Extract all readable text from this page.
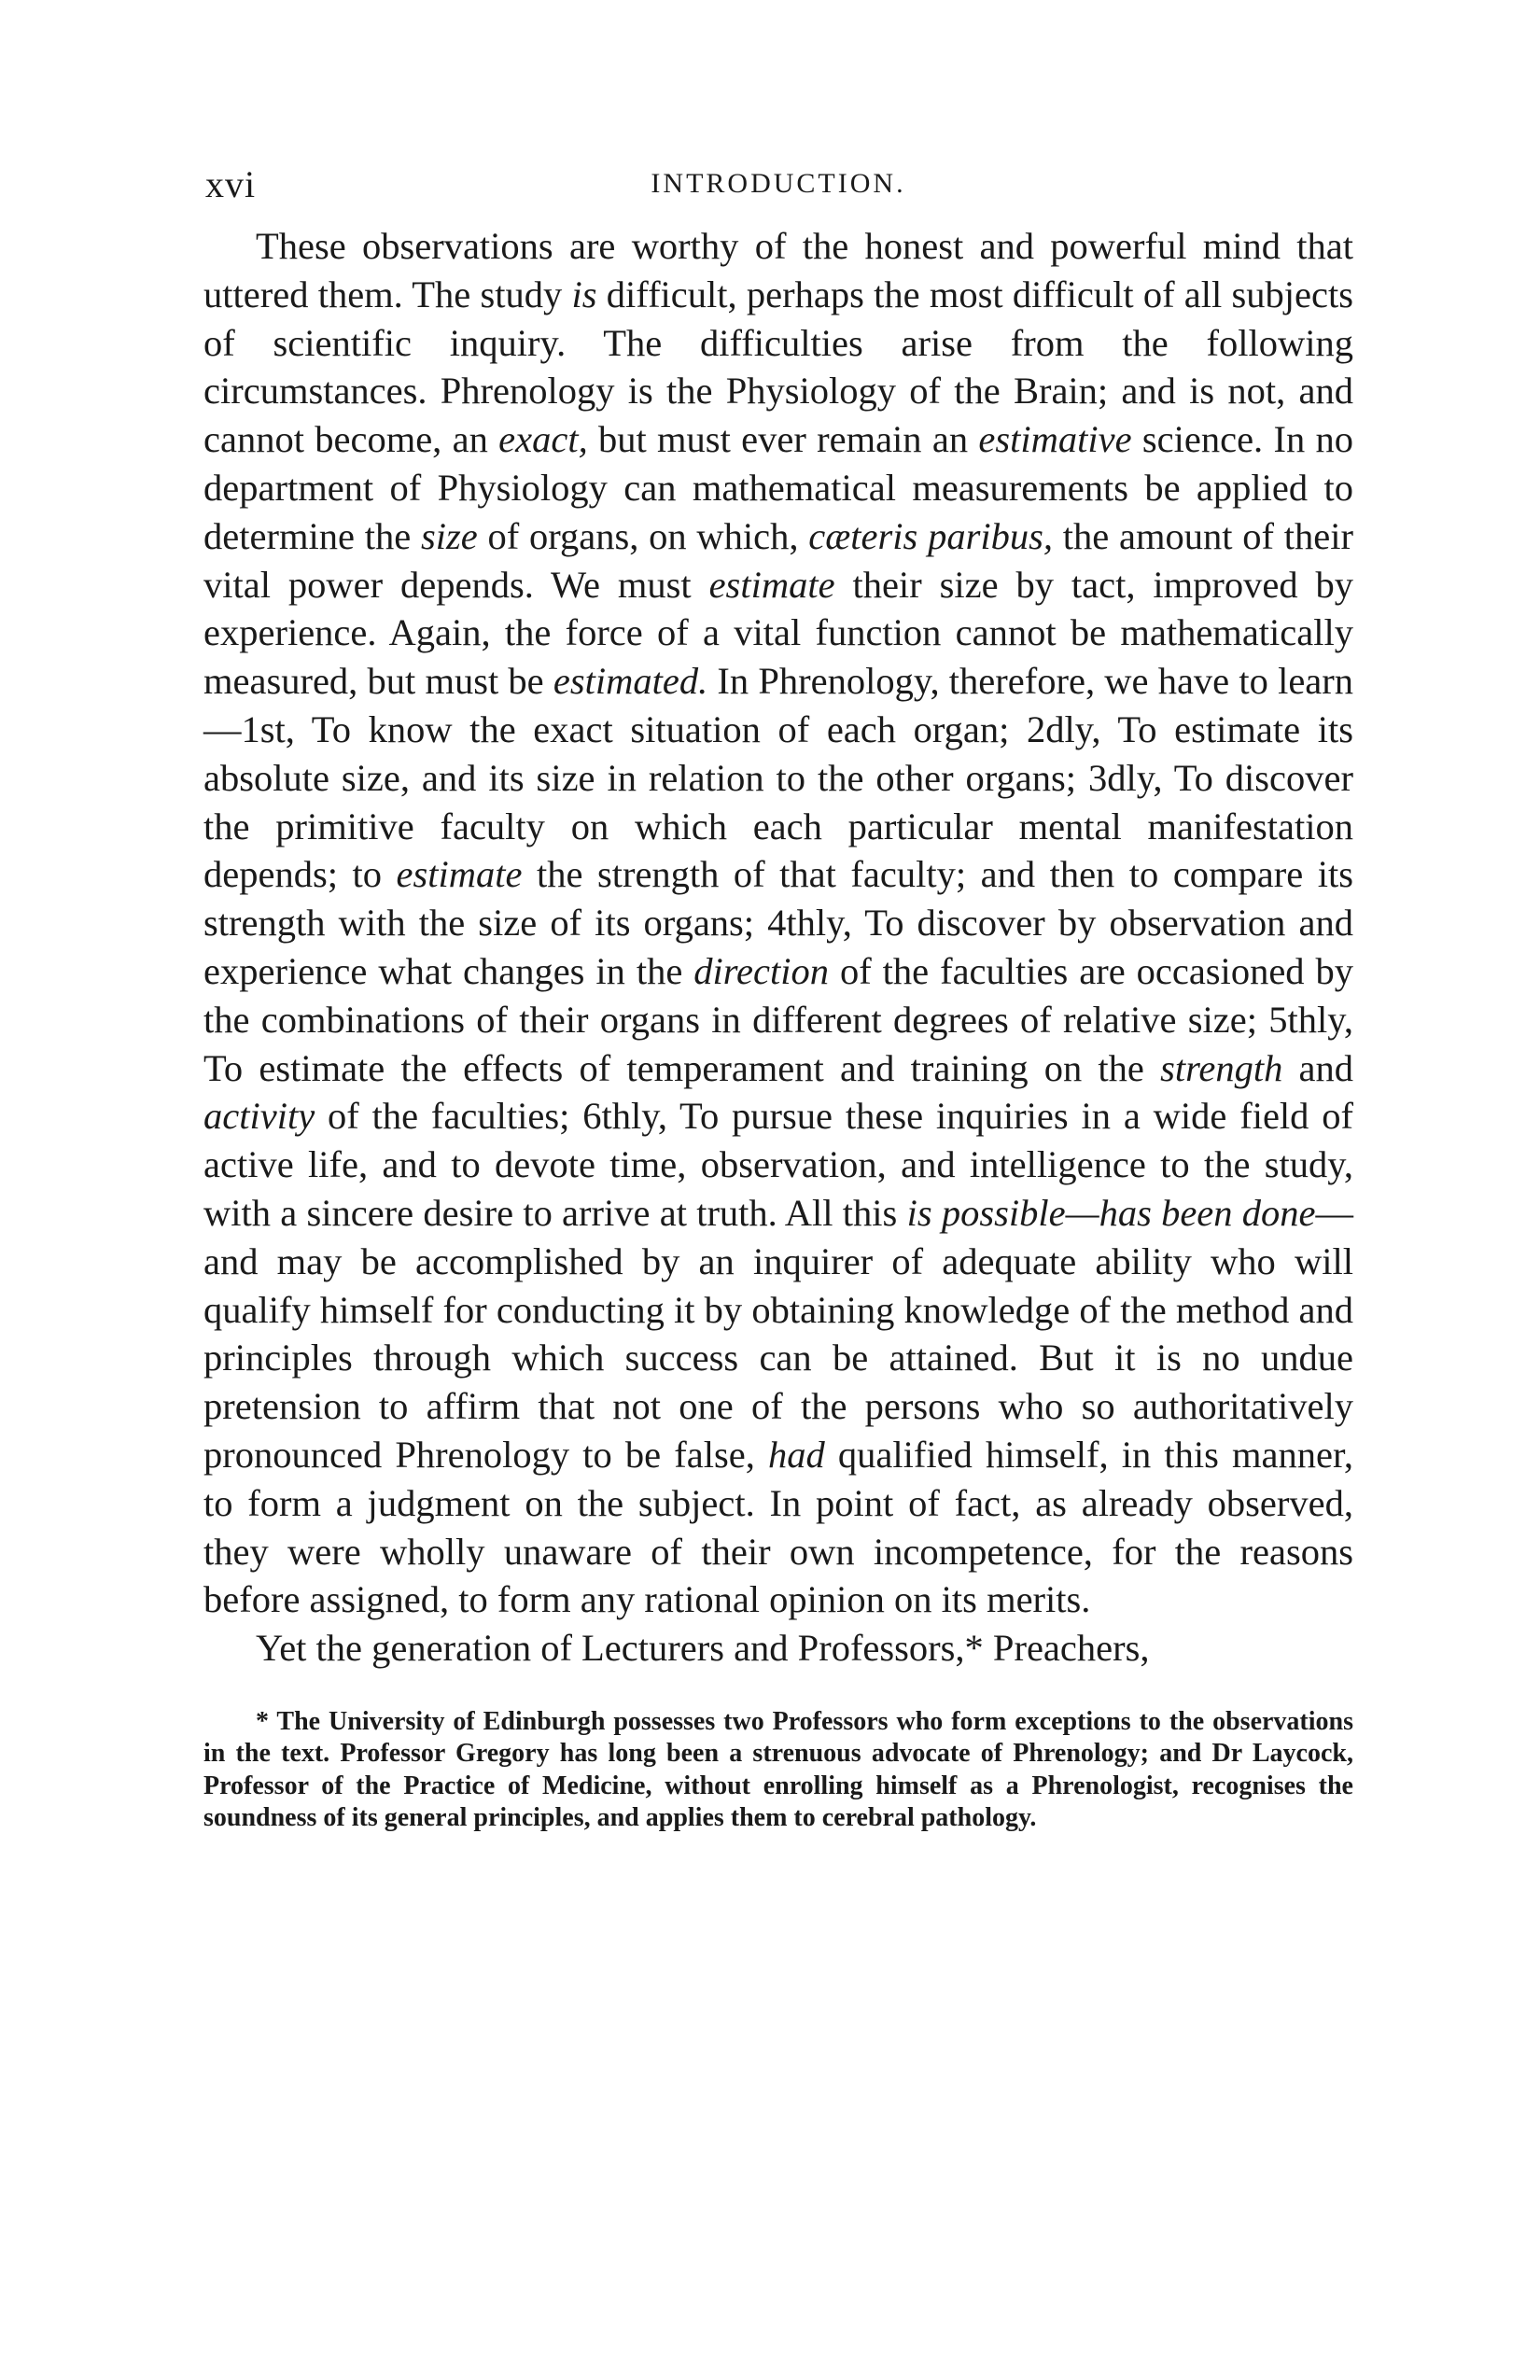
xvi	INTRODUCTION.

These observations are worthy of the honest and powerful mind that uttered them. The study is difficult, perhaps the most difficult of all subjects of scientific inquiry. The difficulties arise from the following circumstances. Phrenology is the Physiology of the Brain; and is not, and cannot become, an exact, but must ever remain an estimative science. In no department of Physiology can mathematical measurements be applied to determine the size of organs, on which, cæteris paribus, the amount of their vital power depends. We must estimate their size by tact, improved by experience. Again, the force of a vital function cannot be mathematically measured, but must be estimated. In Phrenology, therefore, we have to learn —1st, To know the exact situation of each organ; 2dly, To estimate its absolute size, and its size in relation to the other organs; 3dly, To discover the primitive faculty on which each particular mental manifestation depends; to estimate the strength of that faculty; and then to compare its strength with the size of its organs; 4thly, To discover by observation and experience what changes in the direction of the faculties are occasioned by the combinations of their organs in different degrees of relative size; 5thly, To estimate the effects of temperament and training on the strength and activity of the faculties; 6thly, To pursue these inquiries in a wide field of active life, and to devote time, observation, and intelligence to the study, with a sincere desire to arrive at truth. All this is possible—has been done—and may be accomplished by an inquirer of adequate ability who will qualify himself for conducting it by obtaining knowledge of the method and principles through which success can be attained. But it is no undue pretension to affirm that not one of the persons who so authoritatively pronounced Phrenology to be false, had qualified himself, in this manner, to form a judgment on the subject. In point of fact, as already observed, they were wholly unaware of their own incompetence, for the reasons before assigned, to form any rational opinion on its merits.

Yet the generation of Lecturers and Professors,* Preachers,

* The University of Edinburgh possesses two Professors who form exceptions to the observations in the text. Professor Gregory has long been a strenuous advocate of Phrenology; and Dr Laycock, Professor of the Practice of Medicine, without enrolling himself as a Phrenologist, recognises the soundness of its general principles, and applies them to cerebral pathology.
